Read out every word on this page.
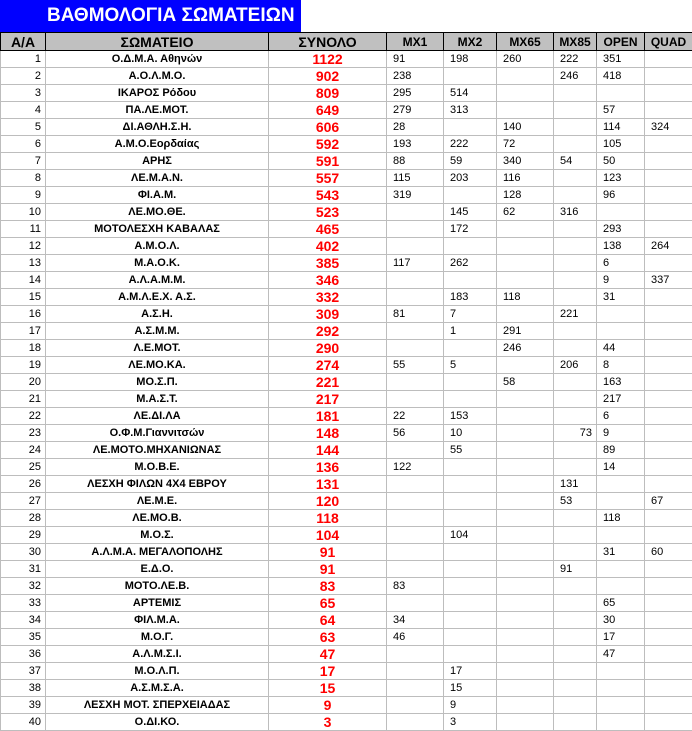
ΒΑΘΜΟΛΟΓΙΑ ΣΩΜΑΤΕΙΩΝ
Α/Α	ΣΩΜΑΤΕΙΟ	ΣΥΝΟΛΟ	MX1	MX2	MX65	MX85	OPEN	QUAD
1	Ο.Δ.Μ.Α. Αθηνών	1122	91	198	260	222	351	
2	Α.Ο.Λ.Μ.Ο.	902	238			246	418	
3	ΙΚΑΡΟΣ Ρόδου	809	295	514				
4	ΠΑ.ΛΕ.ΜΟΤ.	649	279	313			57	
5	ΔΙ.ΑΘΛΗ.Σ.Η.	606	28		140		114	324
6	Α.Μ.Ο.Εορδαίας	592	193	222	72		105	
7	ΑΡΗΣ	591	88	59	340	54	50	
8	ΛΕ.Μ.Α.Ν.	557	115	203	116		123	
9	ΦΙ.Α.Μ.	543	319		128		96	
10	ΛΕ.ΜΟ.ΘΕ.	523		145	62	316		
11	ΜΟΤΟΛΕΣΧΗ ΚΑΒΑΛΑΣ	465		172			293	
12	Α.Μ.Ο.Λ.	402					138	264
13	Μ.Α.Ο.Κ.	385	117	262			6	
14	Α.Λ.Α.Μ.Μ.	346					9	337
15	Α.Μ.Λ.Ε.Χ. Α.Σ.	332		183	118		31	
16	Α.Σ.Η.	309	81	7		221		
17	Α.Σ.Μ.Μ.	292		1	291			
18	Λ.Ε.ΜΟΤ.	290			246		44	
19	ΛΕ.ΜΟ.ΚΑ.	274	55	5		206	8	
20	ΜΟ.Σ.Π.	221			58		163	
21	Μ.Α.Σ.Τ.	217					217	
22	ΛΕ.ΔΙ.ΛΑ	181	22	153			6	
23	Ο.Φ.Μ.Γιαννιτσών	148	56	10		73	9	
24	ΛΕ.ΜΟΤΟ.ΜΗΧΑΝΙΩΝΑΣ	144		55			89	
25	Μ.Ο.Β.Ε.	136	122				14	
26	ΛΕΣΧΗ ΦΙΛΩΝ 4Χ4 ΕΒΡΟΥ	131				131		
27	ΛΕ.Μ.Ε.	120				53		67
28	ΛΕ.ΜΟ.Β.	118					118	
29	Μ.Ο.Σ.	104		104				
30	Α.Λ.Μ.Α. ΜΕΓΑΛΟΠΟΛΗΣ	91					31	60
31	Ε.Δ.Ο.	91				91		
32	ΜΟΤΟ.ΛΕ.Β.	83	83					
33	ΑΡΤΕΜΙΣ	65					65	
34	ΦΙΛ.Μ.Α.	64	34				30	
35	Μ.Ο.Γ.	63	46				17	
36	Α.Λ.Μ.Σ.Ι.	47					47	
37	Μ.Ο.Λ.Π.	17		17				
38	Α.Σ.Μ.Σ.Α.	15		15				
39	ΛΕΣΧΗ ΜΟΤ. ΣΠΕΡΧΕΙΑΔΑΣ	9		9				
40	Ο.ΔΙ.ΚΟ.	3		3				
